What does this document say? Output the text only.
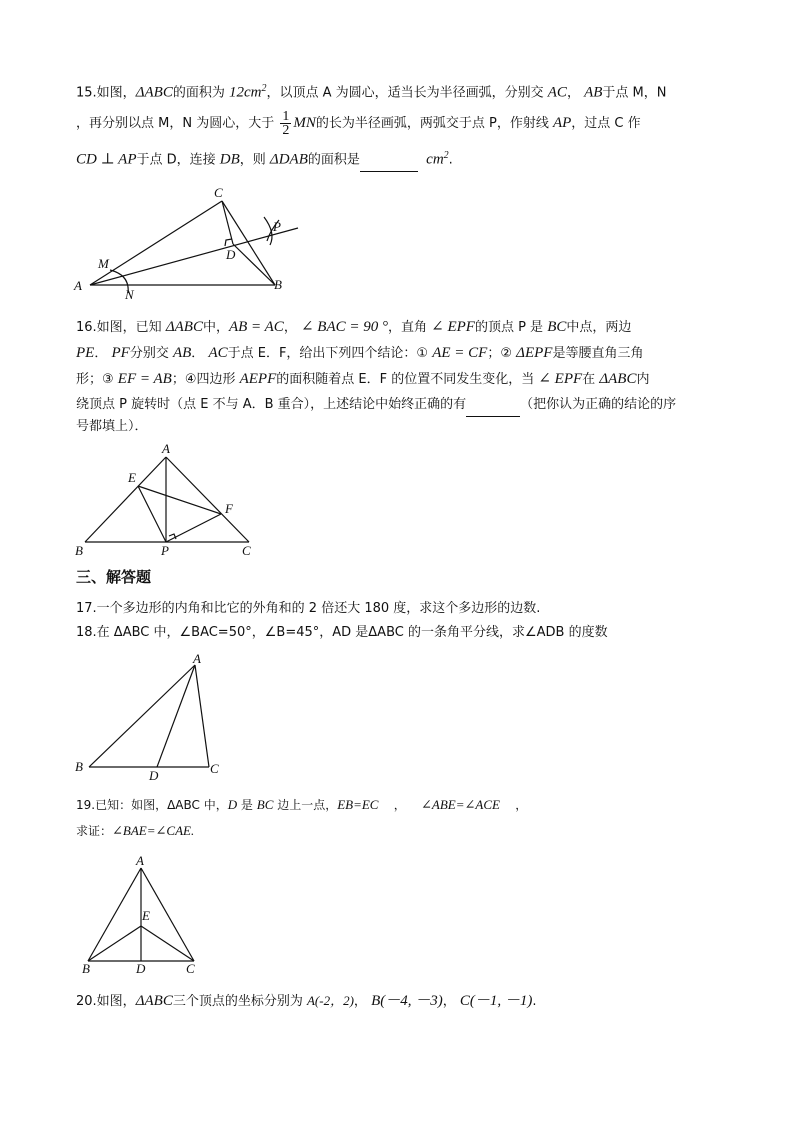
15.如图，ΔABC的面积为 $12cm^2$，以顶点 A 为圆心，适当长为半径画弧，分别交 AC， AB于点 M，N
，再分别以点 M，N 为圆心，大于 $\frac{1}{2}$ MN的长为半径画弧，两弧交于点 P，作射线 AP，过点 C 作
CD ⊥ AP于点 D，连接 DB，则 ΔDAB的面积是	$cm^2$.
A	B
C
D
M
N
P
16.如图，已知 ΔABC中，AB = AC， ∠ BAC = 90 °，直角 ∠ EPF的顶点 P 是 BC中点，两边
PE． PF分别交 AB． AC于点 E．F，给出下列四个结论：① AE = CF；② ΔEPF是等腰直角三角
形；③ EF = AB；④四边形 AEPF的面积随着点 E．F 的位置不同发生变化，当 ∠ EPF在 ΔABC内
绕顶点 P 旋转时（点 E 不与 A．B 重合），上述结论中始终正确的有	（把你认为正确的结论的序
号都填上）．
A
B	C
E
F
P
三、解答题
17.一个多边形的内角和比它的外角和的 2 倍还大 180 度，求这个多边形的边数.
18.在 ΔABC 中，∠BAC=50°，∠B=45°，AD 是ΔABC 的一条角平分线，求∠ADB 的度数
A
B	C
D
19.已知：如图，ΔABC 中，D 是 BC 边上一点，EB=EC ， ∠ABE=∠ACE ，
求证：∠BAE=∠CAE.
A
B	C
D
E
20.如图，ΔABC三个顶点的坐标分别为 A(-2，2)， B(－4, －3)， C(－1, －1).
